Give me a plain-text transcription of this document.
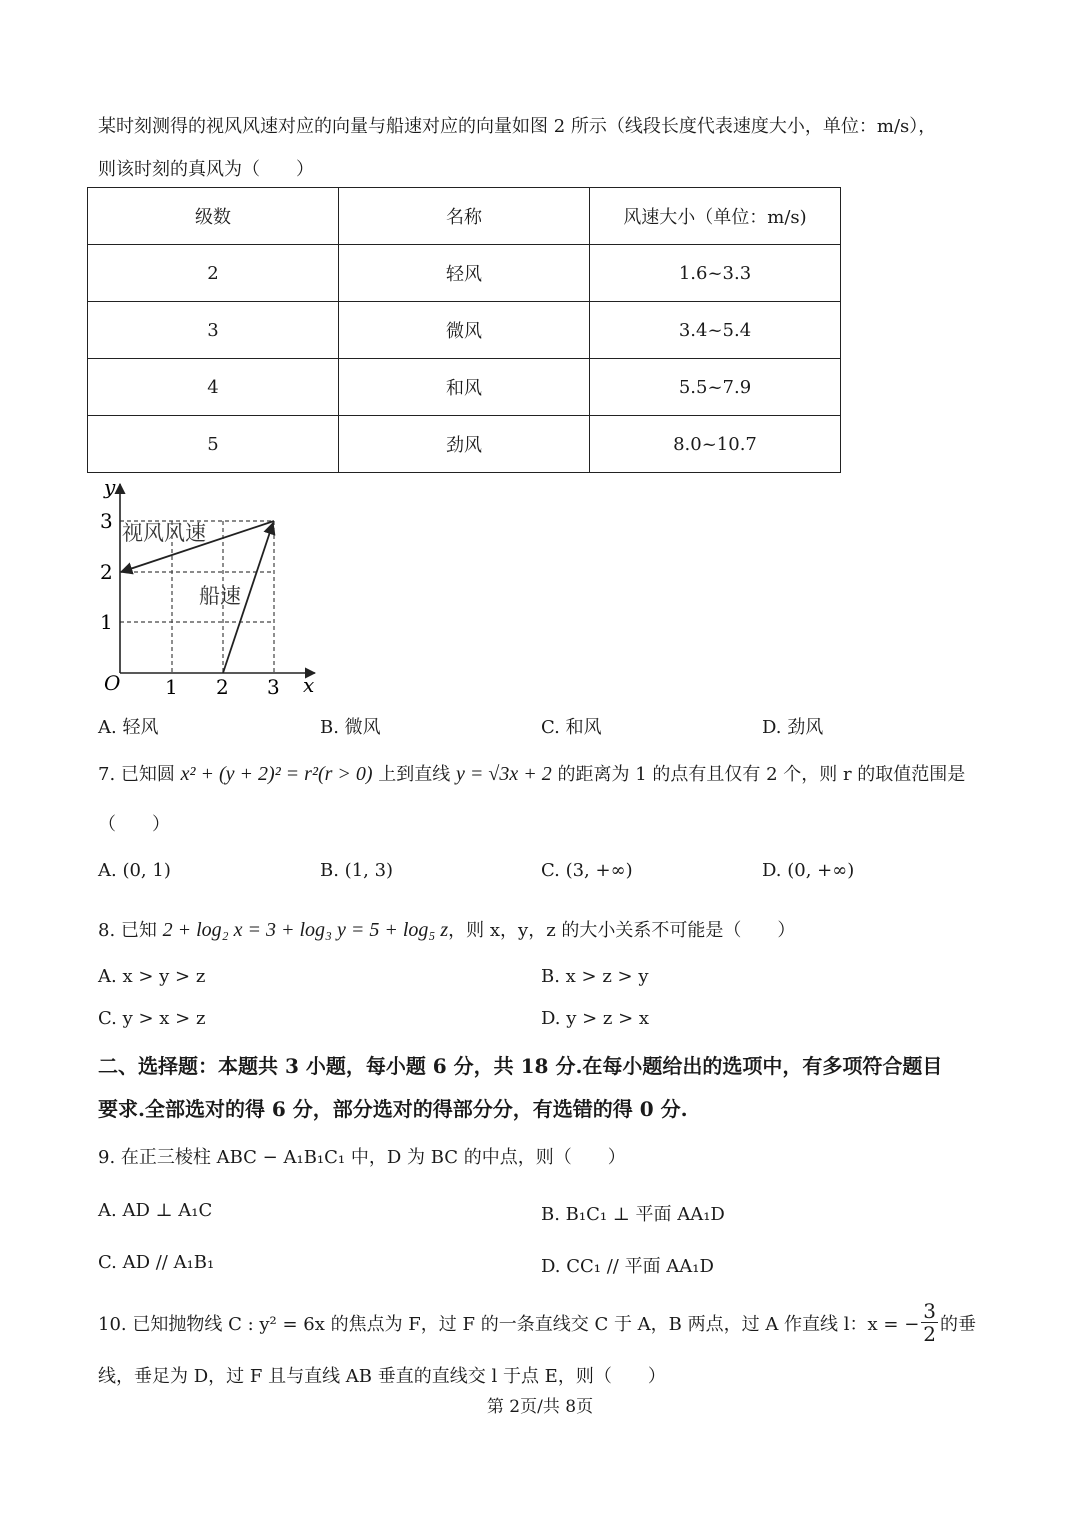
某时刻测得的视风风速对应的向量与船速对应的向量如图 2 所示（线段长度代表速度大小，单位：m/s），
则该时刻的真风为（　　）
级数	名称	风速大小（单位：m/s)
2	轻风	1.6~3.3
3	微风	3.4~5.4
4	和风	5.5~7.9
5	劲风	8.0~10.7
O	x
y
1 2 3
1
2
3 视风风速
船速
A. 轻风	B. 微风	C. 和风	D. 劲风
7. 已知圆 x² + (y + 2)² = r²(r > 0) 上到直线 y = √3x + 2 的距离为 1 的点有且仅有 2 个，则 r 的取值范围是
（　　）
A. (0, 1)	B. (1, 3)	C. (3, +∞)	D. (0, +∞)
8. 已知 2 + log₂ x = 3 + log₃ y = 5 + log₅ z，则 x，y，z 的大小关系不可能是（　　）
A. x > y > z	B. x > z > y
C. y > x > z	D. y > z > x
二、选择题：本题共 3 小题，每小题 6 分，共 18 分.在每小题给出的选项中，有多项符合题目
要求.全部选对的得 6 分，部分选对的得部分分，有选错的得 0 分.
9. 在正三棱柱 ABC − A₁B₁C₁ 中，D 为 BC 的中点，则（　　）
A. AD ⊥ A₁C	B. B₁C₁ ⊥ 平面 AA₁D
C. AD // A₁B₁	D. CC₁ // 平面 AA₁D
10. 已知抛物线 C : y² = 6x 的焦点为 F，过 F 的一条直线交 C 于 A，B 两点，过 A 作直线 l：x = − $\frac{3}{2}$ 的垂
线，垂足为 D，过 F 且与直线 AB 垂直的直线交 l 于点 E，则（　　）
第 2页/共 8页
